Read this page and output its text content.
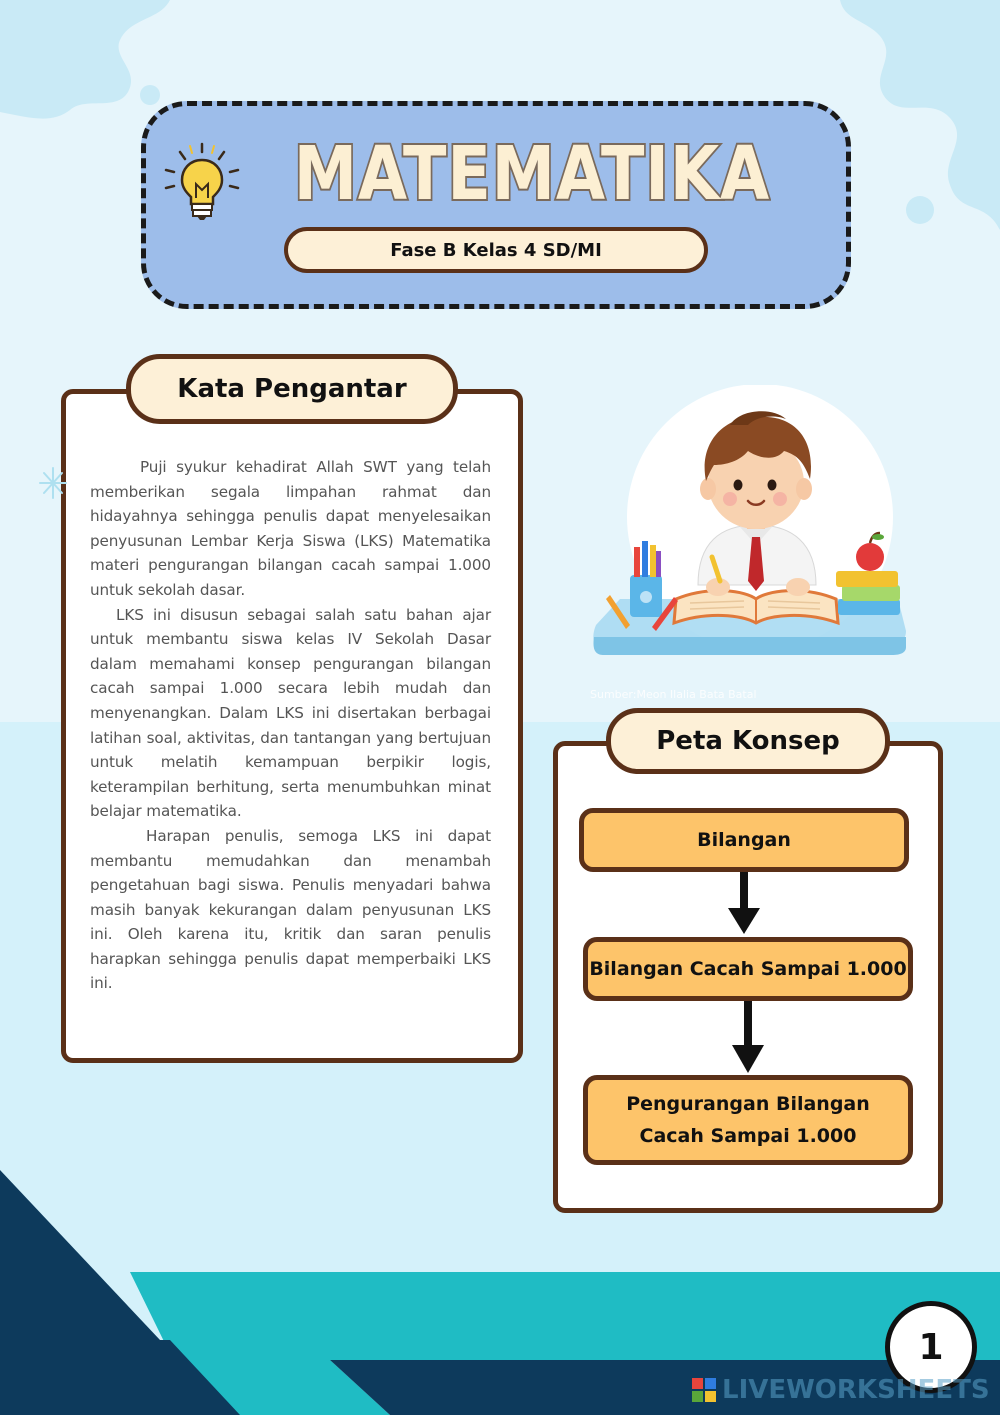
MATEMATIKA
Fase B Kelas 4 SD/MI
Kata Pengantar

Puji syukur kehadirat Allah SWT yang telah memberikan segala limpahan rahmat dan hidayahnya sehingga penulis dapat menyelesaikan penyusunan Lembar Kerja Siswa (LKS) Matematika materi pengurangan bilangan cacah sampai 1.000 untuk sekolah dasar.

LKS ini disusun sebagai salah satu bahan ajar untuk membantu siswa kelas IV Sekolah Dasar dalam memahami konsep pengurangan bilangan cacah sampai 1.000 secara lebih mudah dan menyenangkan. Dalam LKS ini disertakan berbagai latihan soal, aktivitas, dan tantangan yang bertujuan untuk melatih kemampuan berpikir logis, keterampilan berhitung, serta menumbuhkan minat belajar matematika.

Harapan penulis, semoga LKS ini dapat membantu memudahkan dan menambah pengetahuan bagi siswa. Penulis menyadari bahwa masih banyak kekurangan dalam penyusunan LKS ini. Oleh karena itu, kritik dan saran penulis harapkan sehingga penulis dapat memperbaiki LKS ini.

Sumber:Meon Ilalia Bata Batal
Peta Konsep
Bilangan
Bilangan Cacah Sampai 1.000
Pengurangan Bilangan Cacah Sampai 1.000
1
LIVEWORKSHEETS
